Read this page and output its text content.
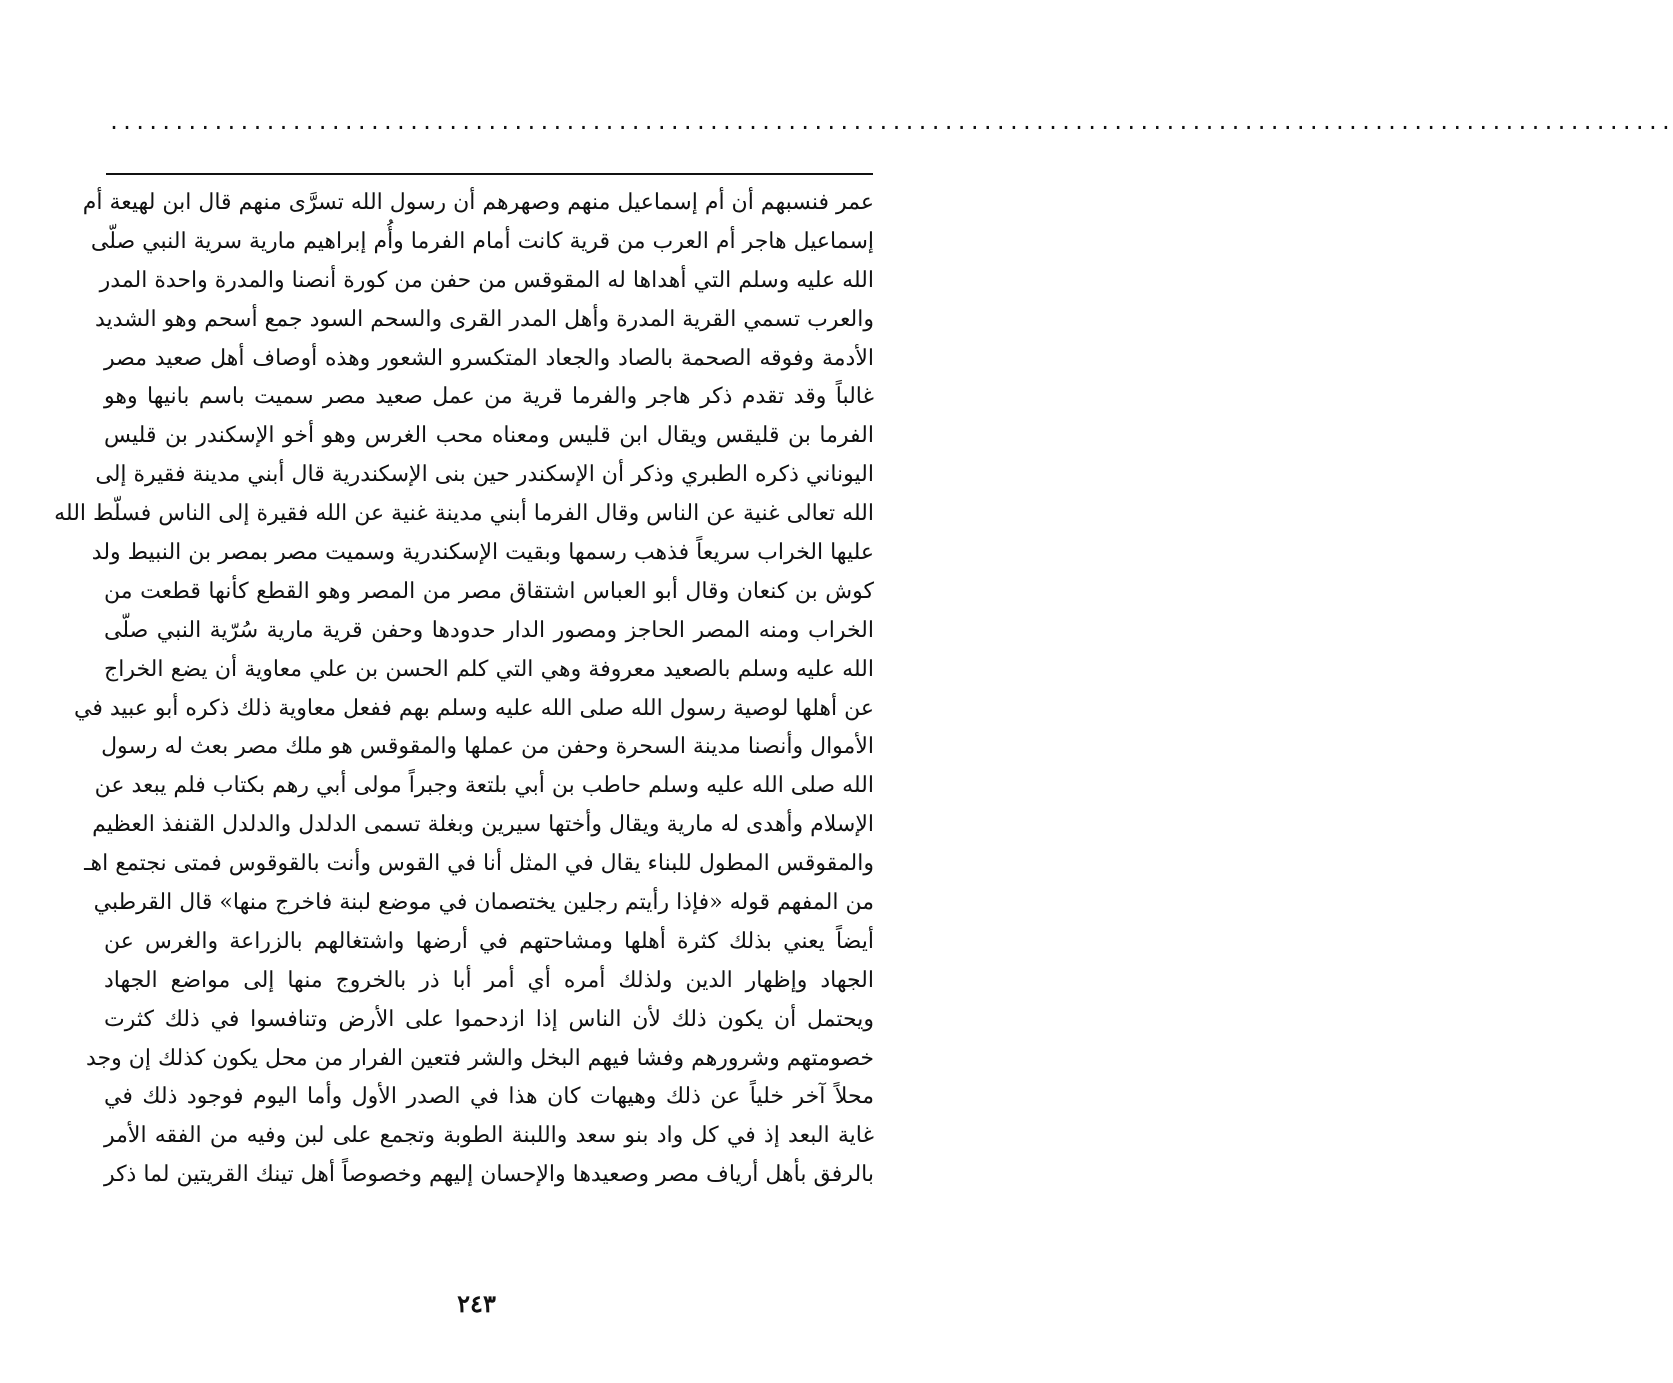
........................................................................................................................
عمر فنسبهم أن أم إسماعيل منهم وصهرهم أن رسول الله تسرَّى منهم قال ابن لهيعة أم
إسماعيل هاجر أم العرب من قرية كانت أمام الفرما وأُم إبراهيم مارية سرية النبي صلّى
الله عليه وسلم التي أهداها له المقوقس من حفن من كورة أنصنا والمدرة واحدة المدر
والعرب تسمي القرية المدرة وأهل المدر القرى والسحم السود جمع أسحم وهو الشديد
الأدمة وفوقه الصحمة بالصاد والجعاد المتكسرو الشعور وهذه أوصاف أهل صعيد مصر
غالباً وقد تقدم ذكر هاجر والفرما قرية من عمل صعيد مصر سميت باسم بانيها وهو
الفرما بن قليقس ويقال ابن قليس ومعناه محب الغرس وهو أخو الإسكندر بن قليس
اليوناني ذكره الطبري وذكر أن الإسكندر حين بنى الإسكندرية قال أبني مدينة فقيرة إلى
الله تعالى غنية عن الناس وقال الفرما أبني مدينة غنية عن الله فقيرة إلى الناس فسلّط الله
عليها الخراب سريعاً فذهب رسمها وبقيت الإسكندرية وسميت مصر بمصر بن النبيط ولد
كوش بن كنعان وقال أبو العباس اشتقاق مصر من المصر وهو القطع كأنها قطعت من
الخراب ومنه المصر الحاجز ومصور الدار حدودها وحفن قرية مارية سُرّية النبي صلّى
الله عليه وسلم بالصعيد معروفة وهي التي كلم الحسن بن علي معاوية أن يضع الخراج
عن أهلها لوصية رسول الله صلى الله عليه وسلم بهم ففعل معاوية ذلك ذكره أبو عبيد في
الأموال وأنصنا مدينة السحرة وحفن من عملها والمقوقس هو ملك مصر بعث له رسول
الله صلى الله عليه وسلم حاطب بن أبي بلتعة وجبراً مولى أبي رهم بكتاب فلم يبعد عن
الإسلام وأهدى له مارية ويقال وأختها سيرين وبغلة تسمى الدلدل والدلدل القنفذ العظيم
والمقوقس المطول للبناء يقال في المثل أنا في القوس وأنت بالقوقوس فمتى نجتمع اهـ
من المفهم قوله «فإذا رأيتم رجلين يختصمان في موضع لبنة فاخرج منها» قال القرطبي
أيضاً يعني بذلك كثرة أهلها ومشاحتهم في أرضها واشتغالهم بالزراعة والغرس عن
الجهاد وإظهار الدين ولذلك أمره أي أمر أبا ذر بالخروج منها إلى مواضع الجهاد
ويحتمل أن يكون ذلك لأن الناس إذا ازدحموا على الأرض وتنافسوا في ذلك كثرت
خصومتهم وشرورهم وفشا فيهم البخل والشر فتعين الفرار من محل يكون كذلك إن وجد
محلاً آخر خلياً عن ذلك وهيهات كان هذا في الصدر الأول وأما اليوم فوجود ذلك في
غاية البعد إذ في كل واد بنو سعد واللبنة الطوبة وتجمع على لبن وفيه من الفقه الأمر
بالرفق بأهل أرياف مصر وصعيدها والإحسان إليهم وخصوصاً أهل تينك القريتين لما ذكر
٢٤٣
